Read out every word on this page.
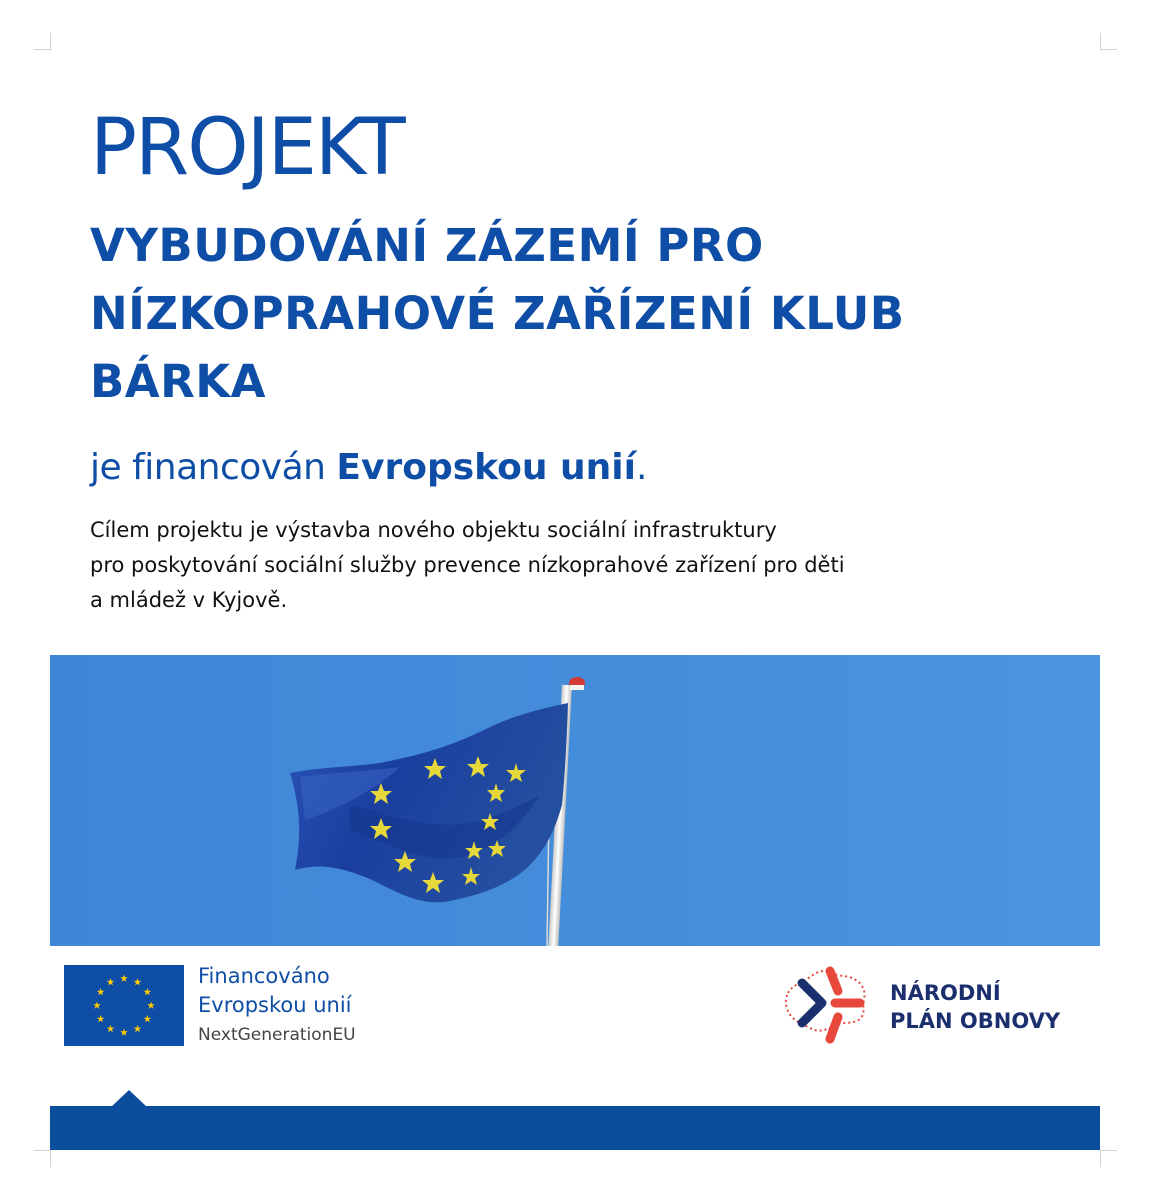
PROJEKT
VYBUDOVÁNÍ ZÁZEMÍ PRO
NÍZKOPRAHOVÉ ZAŘÍZENÍ KLUB
BÁRKA

je financován Evropskou unií.

Cílem projektu je výstavba nového objektu sociální infrastruktury
pro poskytování sociální služby prevence nízkoprahové zařízení pro děti
a mládež v Kyjově.

Financováno
Evropskou unií
NextGenerationEU
NÁRODNÍ
PLÁN OBNOVY
